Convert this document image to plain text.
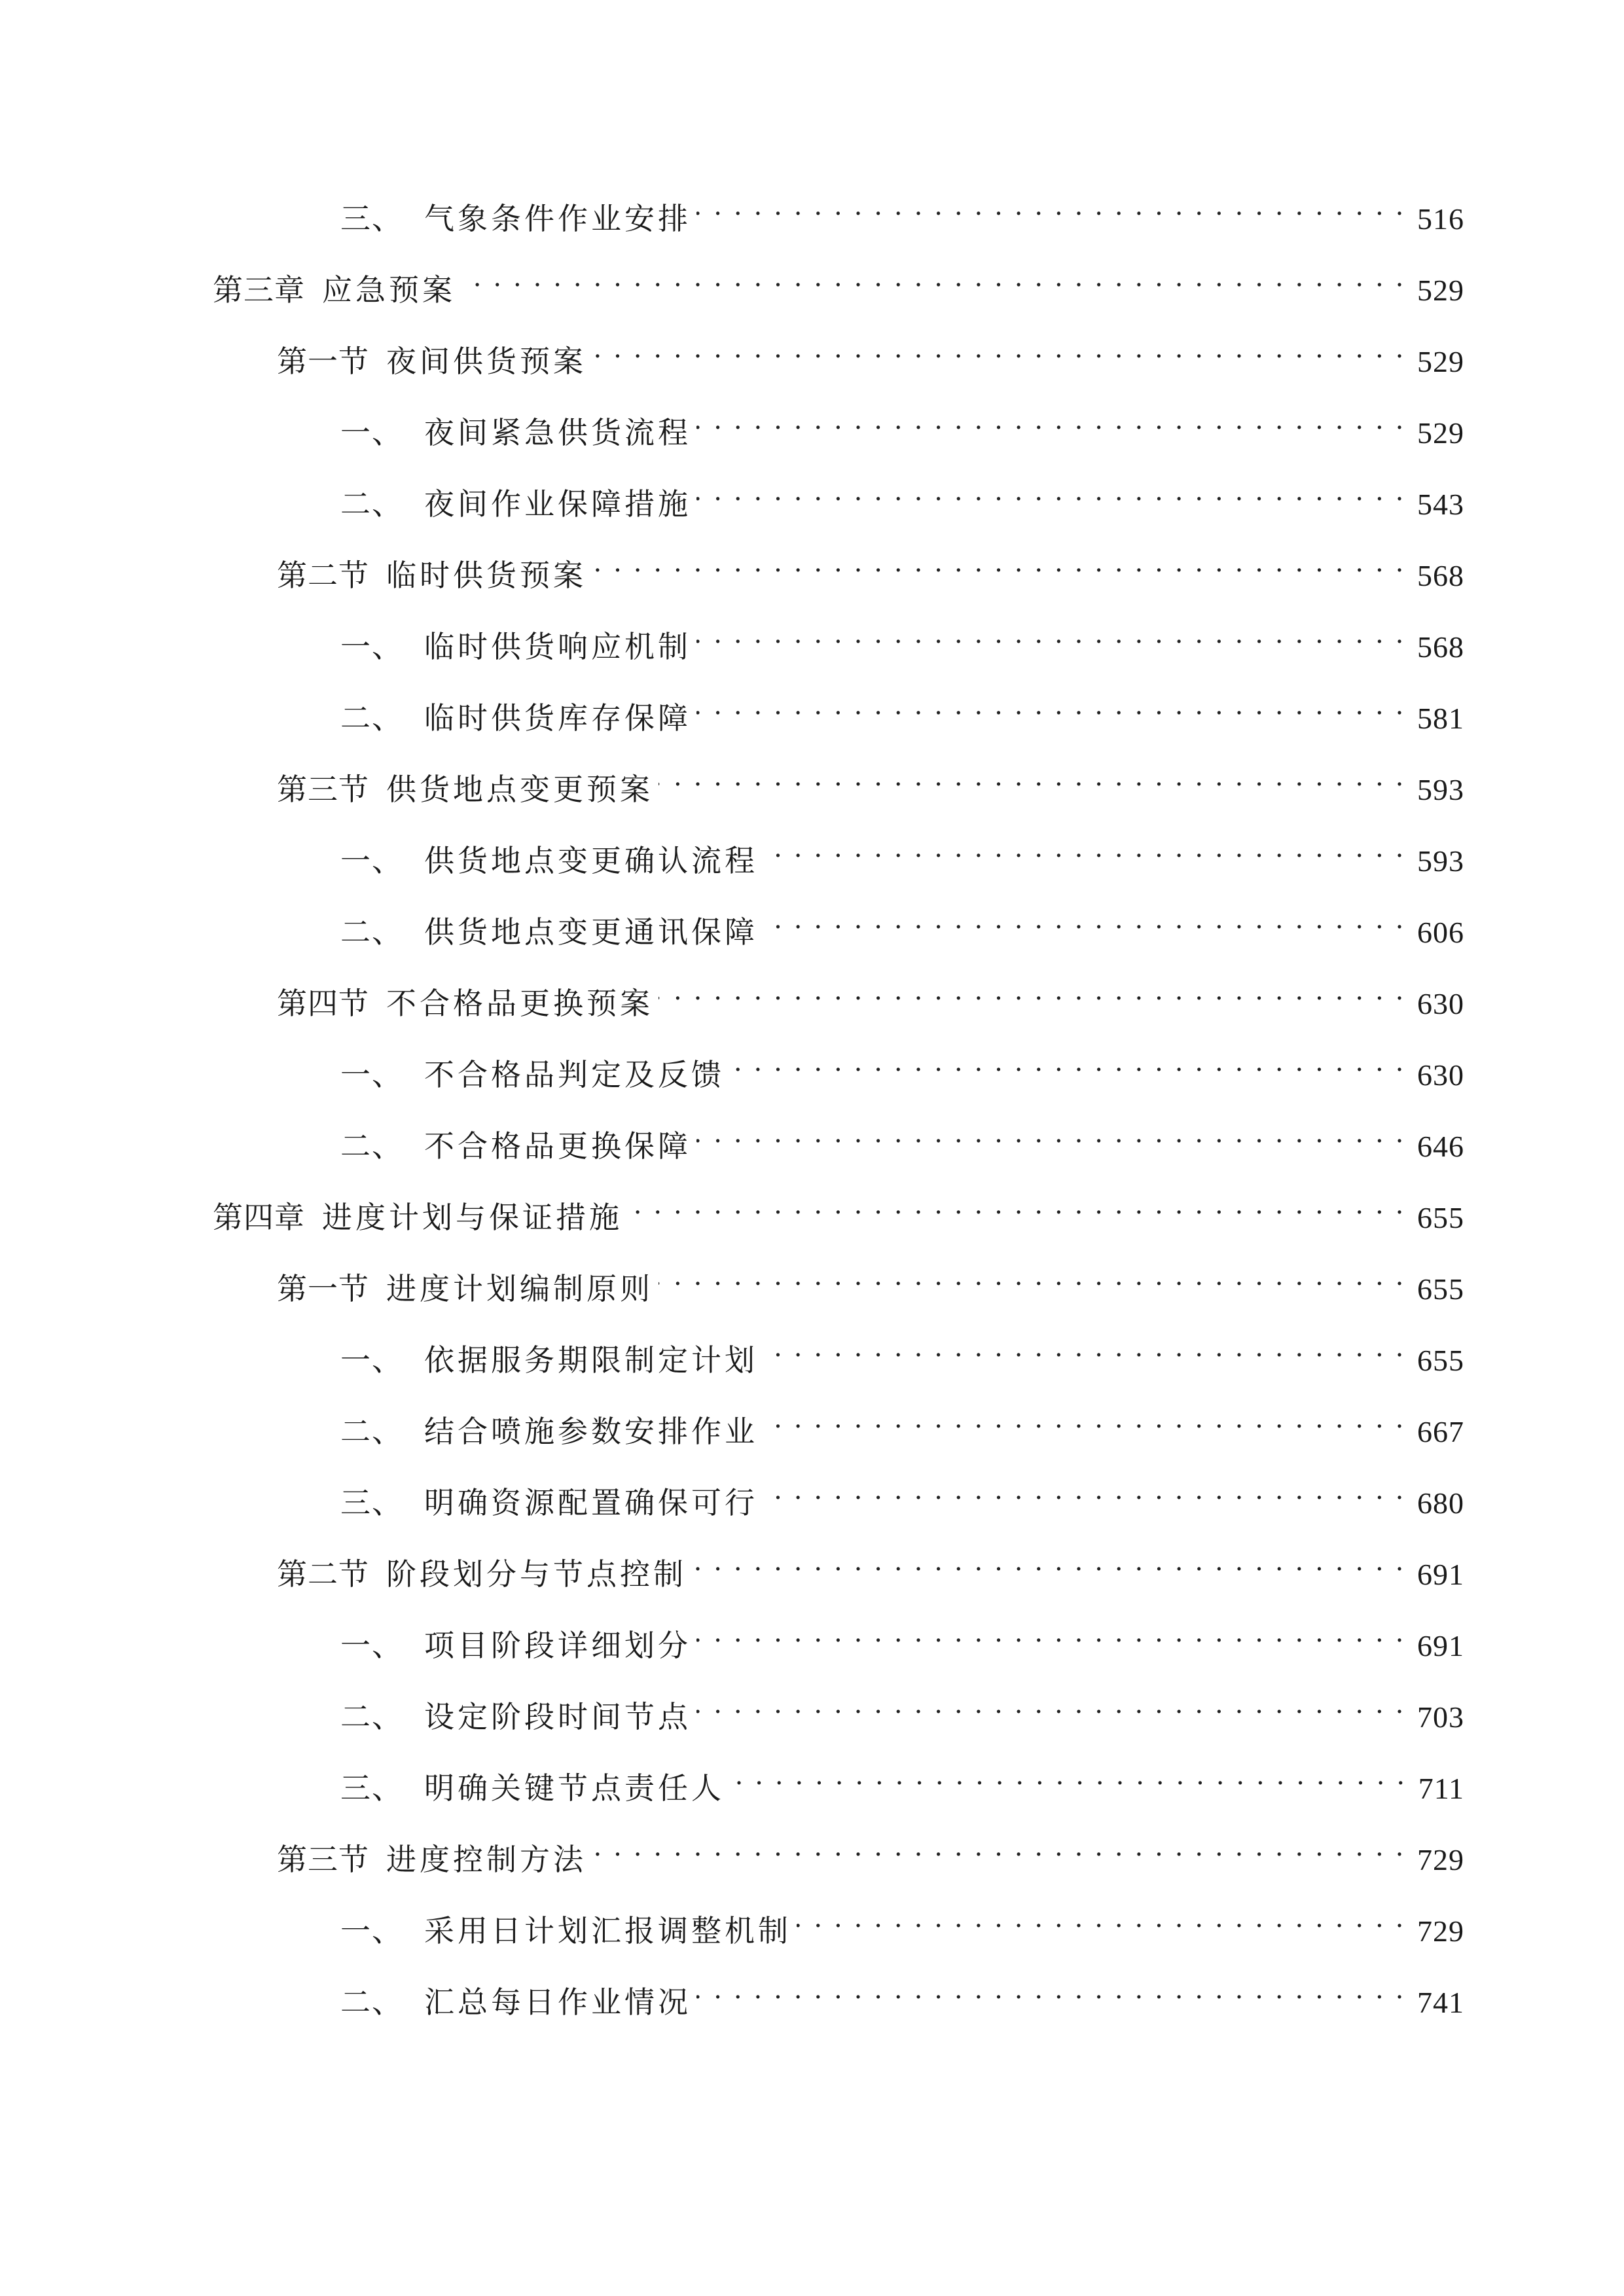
三、 气象条件作业安排 . . .	516
第三章 应急预案 . . .	529
第一节 夜间供货预案 . . .	529
一、 夜间紧急供货流程 . . .	529
二、 夜间作业保障措施 . . .	543
第二节 临时供货预案 . . .	568
一、 临时供货响应机制 . . .	568
二、 临时供货库存保障 . . .	581
第三节 供货地点变更预案 . . .	593
一、 供货地点变更确认流程 . . .	593
二、 供货地点变更通讯保障 . . .	606
第四节 不合格品更换预案 . . .	630
一、 不合格品判定及反馈 . . .	630
二、 不合格品更换保障 . . .	646
第四章 进度计划与保证措施 . . .	655
第一节 进度计划编制原则 . . .	655
一、 依据服务期限制定计划 . . .	655
二、 结合喷施参数安排作业 . . .	667
三、 明确资源配置确保可行 . . .	680
第二节 阶段划分与节点控制 . . .	691
一、 项目阶段详细划分 . . .	691
二、 设定阶段时间节点 . . .	703
三、 明确关键节点责任人 . . .	711
第三节 进度控制方法 . . .	729
一、 采用日计划汇报调整机制 . . .	729
二、 汇总每日作业情况 . . .	741
